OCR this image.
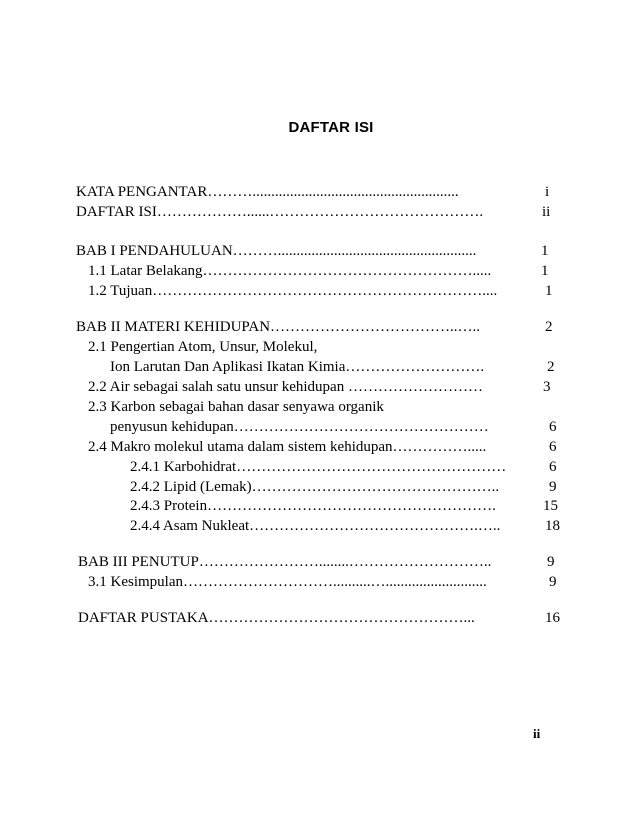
DAFTAR ISI
KATA PENGANTAR……….......................................................	i
DAFTAR ISI………………......…………………………………….	ii
BAB I PENDAHULUAN……….....................................................	1
1.1 Latar Belakang……………………………………………….....	1
1.2 Tujuan…………………………………………………………....	1
BAB II MATERI KEHIDUPAN………………………………..…..	2
2.1 Pengertian Atom, Unsur, Molekul,
Ion Larutan Dan Aplikasi Ikatan Kimia……………………….	2
2.2 Air sebagai salah satu unsur kehidupan ………………………	3
2.3 Karbon sebagai bahan dasar senyawa organik
penyusun kehidupan……………………………………………	6
2.4 Makro molekul utama dalam sistem kehidupan…………….....	6
2.4.1 Karbohidrat………………………………………………	6
2.4.2 Lipid (Lemak)…………………………………………..	9
2.4.3 Protein………………………………………………….	15
2.4.4 Asam Nukleat……………………………………….…..	18
BAB III PENUTUP……………………........………………………..	9
3.1 Kesimpulan…………………………..........…...........................	9
DAFTAR PUSTAKA……………………………………………...	16
ii
